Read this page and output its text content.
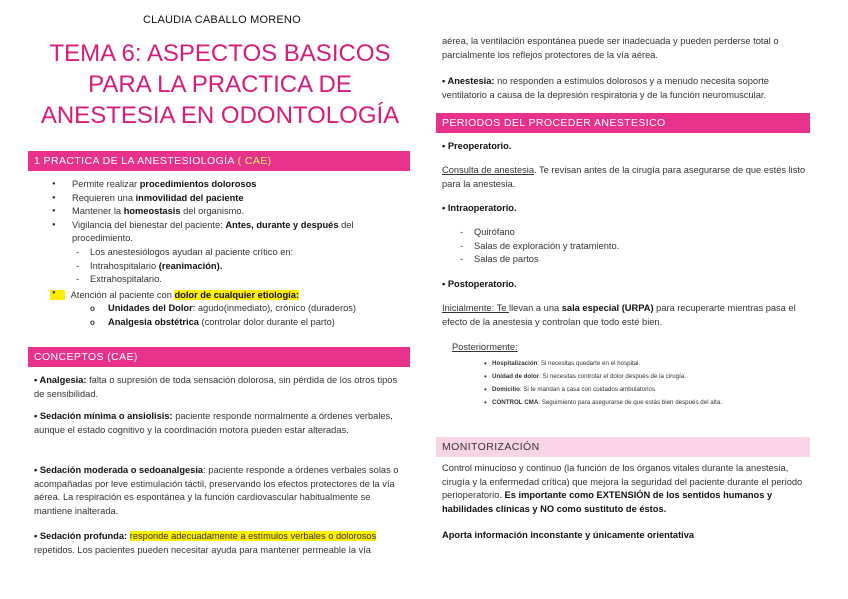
CLAUDIA CABALLO MORENO
TEMA 6: ASPECTOS BASICOS
PARA LA PRACTICA DE
ANESTESIA EN ODONTOLOGÍA
1 PRACTICA DE LA ANESTESIOLOGÍA ( CAE)
● Permite realizar procedimientos dolorosos
● Requieren una inmovilidad del paciente
● Mantener la homeostasis del organismo.
● Vigilancia del bienestar del paciente: Antes, durante y después del
procedimiento.
- Los anestesiólogos ayudan al paciente crítico en:
- Intrahospitalario (reanimación).
- Extrahospitalario.
● Atención al paciente con dolor de cualquier etiología:
o Unidades del Dolor: agudo(inmediato), crónico (duraderos)
o Analgesia obstétrica (controlar dolor durante el parto)
CONCEPTOS (CAE)
• Analgesia: falta o supresión de toda sensación dolorosa, sin pérdida de los otros tipos de sensibilidad.
• Sedación mínima o ansiolisis: paciente responde normalmente a órdenes verbales, aunque el estado cognitivo y la coordinación motora pueden estar alteradas.
• Sedación moderada o sedoanalgesia: paciente responde a órdenes verbales solas o acompañadas por leve estimulación táctil, preservando los efectos protectores de la vía aérea. La respiración es espontánea y la función cardiovascular habitualmente se mantiene inalterada.
• Sedación profunda: responde adecuadamente a estímulos verbales o dolorosos repetidos. Los pacientes pueden necesitar ayuda para mantener permeable la vía
aérea, la ventilación espontánea puede ser inadecuada y pueden perderse total o parcialmente los reflejos protectores de la vía aérea.
• Anestesia: no responden a estímulos dolorosos y a menudo necesita soporte ventilatorio a causa de la depresión respiratoria y de la función neuromuscular.
PERIODOS DEL PROCEDER ANESTESICO
• Preoperatorio.
Consulta de anestesia. Te revisan antes de la cirugía para asegurarse de que estés listo para la anestesia.
• Intraoperatorio.
- Quirófano
- Salas de exploración y tratamiento.
- Salas de partos
• Postoperatorio.
Inicialmente: Te llevan a una sala especial (URPA) para recuperarte mientras pasa el efecto de la anestesia y controlan que todo esté bien.
Posteriormente:
• Hospitalización: Si necesitas quedarte en el hospital.
• Unidad de dolor: Si necesitas controlar el dolor después de la cirugía.
• Domicilio: Si te mandan a casa con cuidados ambulatorios.
• CONTROL CMA: Seguimiento para asegurarse de que estás bien después del alta.
MONITORIZACIÓN
Control minucioso y continuo (la función de los órganos vitales durante la anestesia, cirugía y la enfermedad crítica) que mejora la seguridad del paciente durante el periodo perioperatorio. Es importante como EXTENSIÓN de los sentidos humanos y habilidades clínicas y NO como sustituto de éstos.
Aporta información inconstante y únicamente orientativa
